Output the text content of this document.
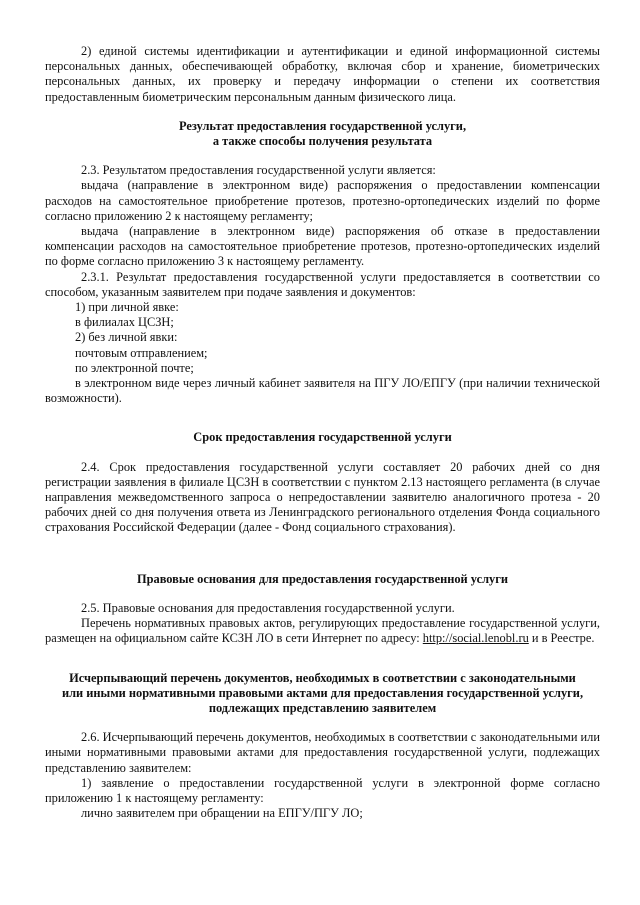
2) единой системы идентификации и аутентификации и единой информационной системы персональных данных, обеспечивающей обработку, включая сбор и хранение, биометрических персональных данных, их проверку и передачу информации о степени их соответствия предоставленным биометрическим персональным данным физического лица.

Результат предоставления государственной услуги,
а также способы получения результата

2.3. Результатом предоставления государственной услуги является:

выдача (направление в электронном виде) распоряжения о предоставлении компенсации расходов на самостоятельное приобретение протезов, протезно-ортопедических изделий по форме согласно приложению 2 к настоящему регламенту;

выдача (направление в электронном виде) распоряжения об отказе в предоставлении компенсации расходов на самостоятельное приобретение протезов, протезно-ортопедических изделий по форме согласно приложению 3 к настоящему регламенту.

2.3.1. Результат предоставления государственной услуги предоставляется в соответствии со способом, указанным заявителем при подаче заявления и документов:

1) при личной явке:

в филиалах ЦСЗН;

2) без личной явки:

почтовым отправлением;

по электронной почте;

в электронном виде через личный кабинет заявителя на ПГУ ЛО/ЕПГУ (при наличии технической возможности).

Срок предоставления государственной услуги

2.4. Срок предоставления государственной услуги составляет 20 рабочих дней со дня регистрации заявления в филиале ЦСЗН в соответствии с пунктом 2.13 настоящего регламента (в случае направления межведомственного запроса о непредоставлении заявителю аналогичного протеза - 20 рабочих дней со дня получения ответа из Ленинградского регионального отделения Фонда социального страхования Российской Федерации (далее - Фонд социального страхования).

Правовые основания для предоставления государственной услуги

2.5. Правовые основания для предоставления государственной услуги.

Перечень нормативных правовых актов, регулирующих предоставление государственной услуги, размещен на официальном сайте КСЗН ЛО в сети Интернет по адресу: http://social.lenobl.ru и в Реестре.

Исчерпывающий перечень документов, необходимых в соответствии с законодательными
или иными нормативными правовыми актами для предоставления государственной услуги,
подлежащих представлению заявителем

2.6. Исчерпывающий перечень документов, необходимых в соответствии с законодательными или иными нормативными правовыми актами для предоставления государственной услуги, подлежащих представлению заявителем:

1) заявление о предоставлении государственной услуги в электронной форме согласно приложению 1 к настоящему регламенту:

лично заявителем при обращении на ЕПГУ/ПГУ ЛО;
